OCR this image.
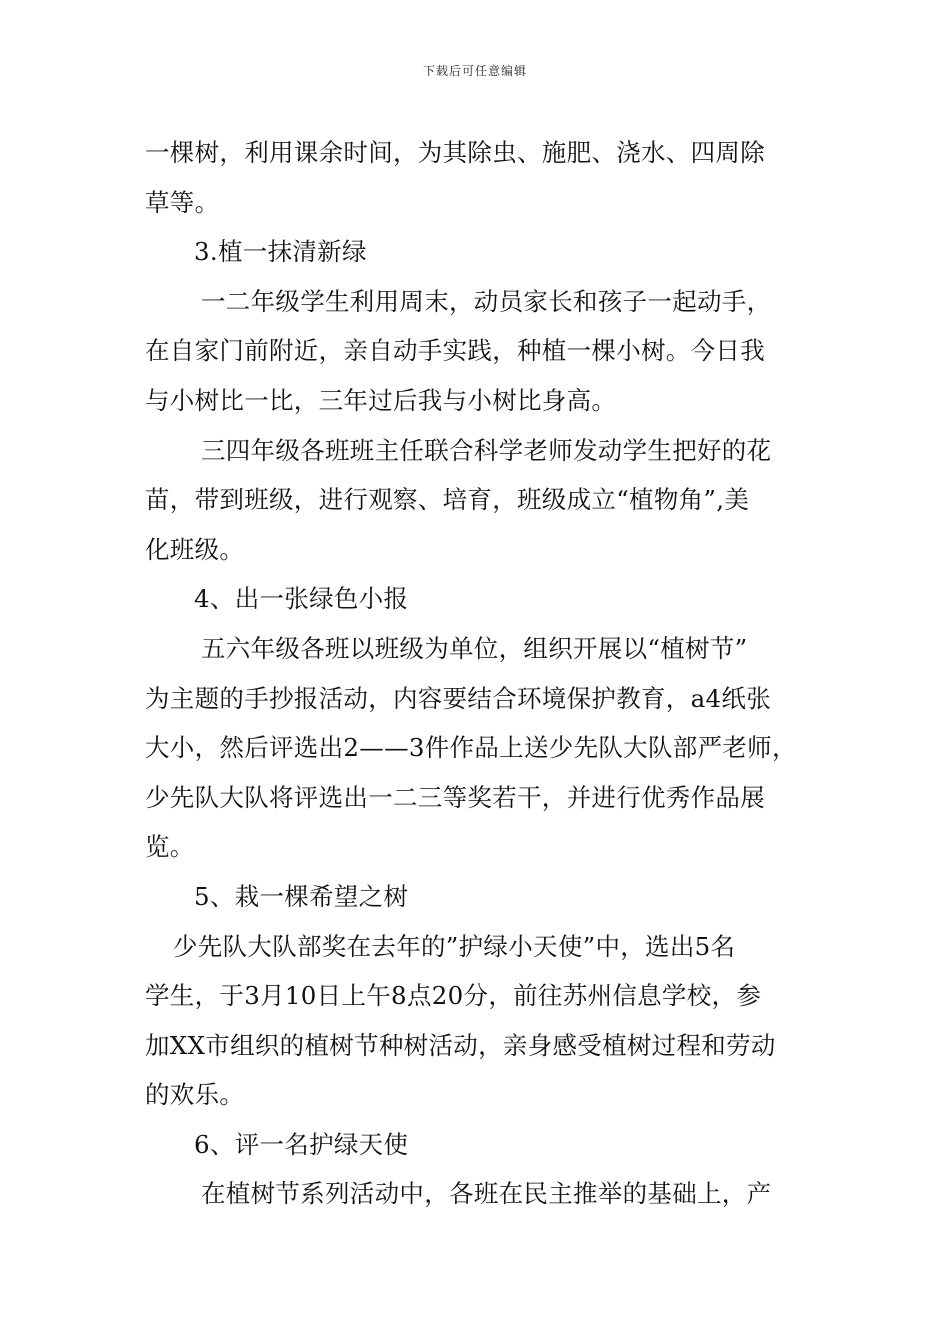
下载后可任意编辑
一棵树，利用课余时间，为其除虫、施肥、浇水、四周除
草等。
3.植一抹清新绿
一二年级学生利用周末，动员家长和孩子一起动手，
在自家门前附近，亲自动手实践，种植一棵小树。今日我
与小树比一比，三年过后我与小树比身高。
三四年级各班班主任联合科学老师发动学生把好的花
苗，带到班级，进行观察、培育，班级成立“植物角”,美
化班级。
4、出一张绿色小报
五六年级各班以班级为单位，组织开展以“植树节”
为主题的手抄报活动，内容要结合环境保护教育，a4纸张
大小，然后评选出2——3件作品上送少先队大队部严老师，
少先队大队将评选出一二三等奖若干，并进行优秀作品展
览。
5、栽一棵希望之树
少先队大队部奖在去年的”护绿小天使”中，选出5名
学生，于3月10日上午8点20分，前往苏州信息学校，参
加XX市组织的植树节种树活动，亲身感受植树过程和劳动
的欢乐。
6、评一名护绿天使
在植树节系列活动中，各班在民主推举的基础上，产
